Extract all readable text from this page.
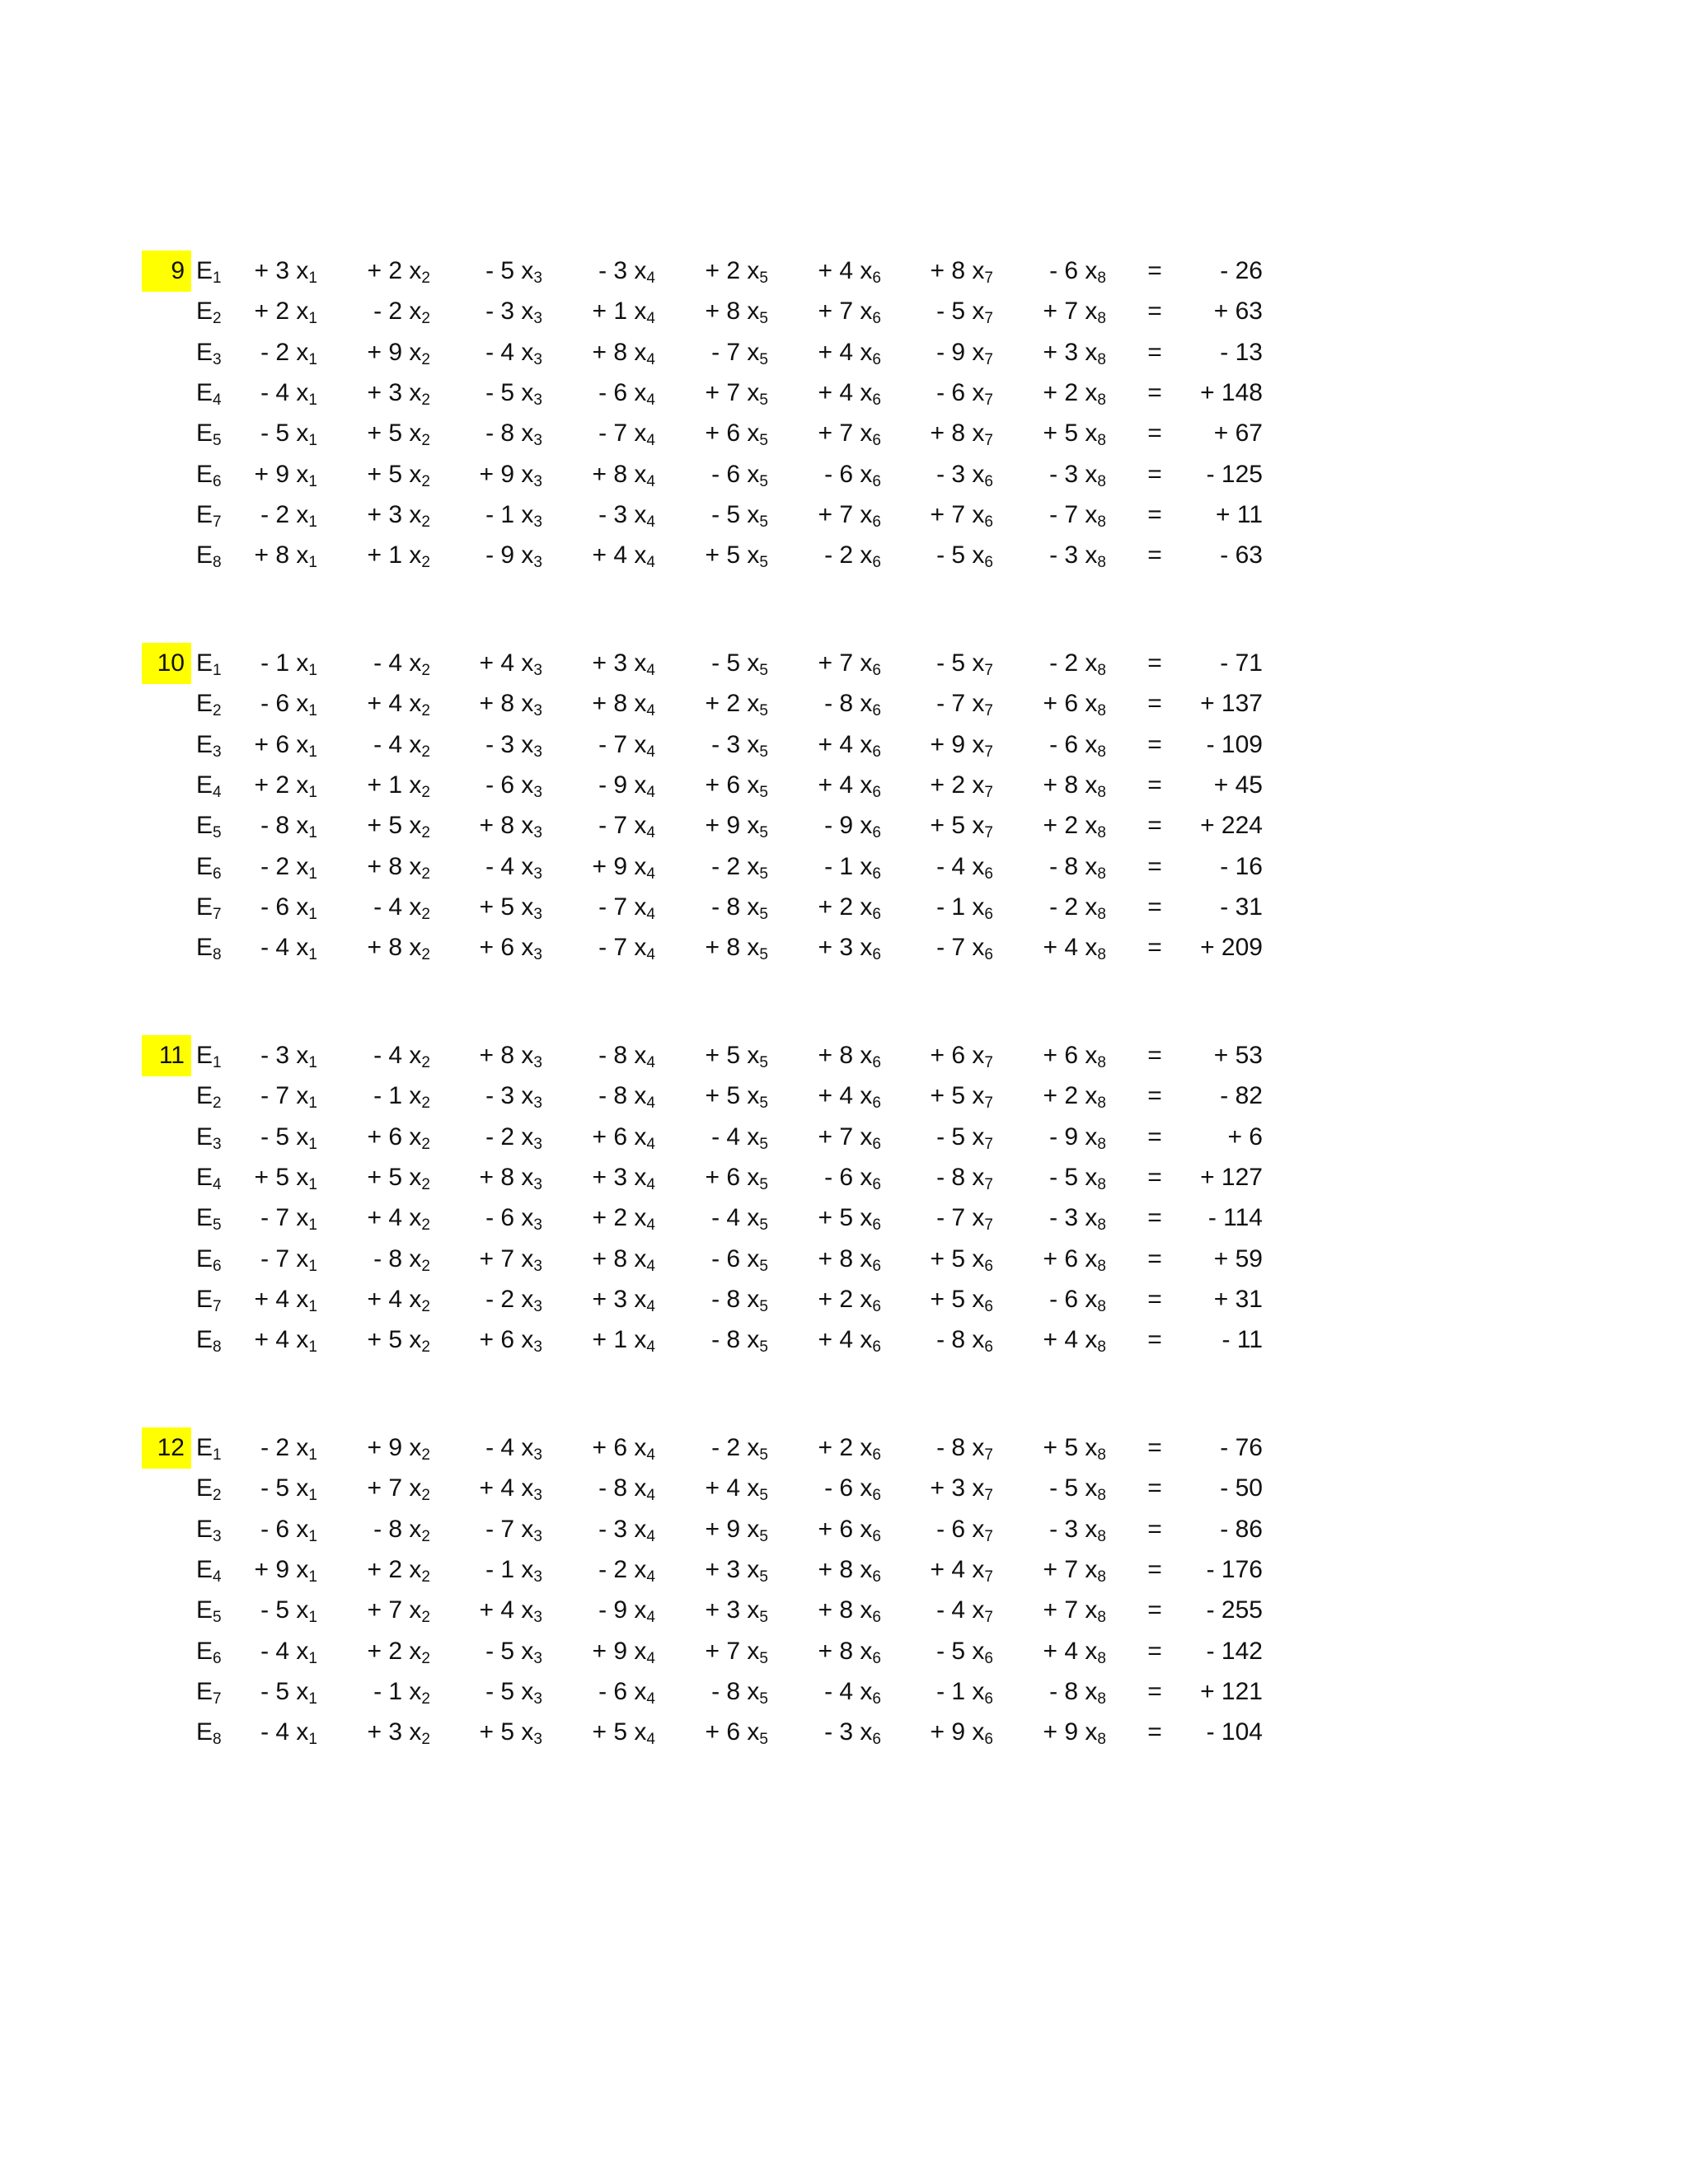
9 $E_1$	+ 3 $x_1$	+ 2 $x_2$	- 5 $x_3$	- 3 $x_4$	+ 2 $x_5$	+ 4 $x_6$	+ 8 $x_7$	- 6 $x_8$ =	- 26
$E_2$	+ 2 $x_1$	- 2 $x_2$	- 3 $x_3$	+ 1 $x_4$	+ 8 $x_5$	+ 7 $x_6$	- 5 $x_7$	+ 7 $x_8$ =	+ 63
$E_3$	- 2 $x_1$	+ 9 $x_2$	- 4 $x_3$	+ 8 $x_4$	- 7 $x_5$	+ 4 $x_6$	- 9 $x_7$	+ 3 $x_8$ =	- 13
$E_4$	- 4 $x_1$	+ 3 $x_2$	- 5 $x_3$	- 6 $x_4$	+ 7 $x_5$	+ 4 $x_6$	- 6 $x_7$	+ 2 $x_8$ =	+ 148
$E_5$	- 5 $x_1$	+ 5 $x_2$	- 8 $x_3$	- 7 $x_4$	+ 6 $x_5$	+ 7 $x_6$	+ 8 $x_7$	+ 5 $x_8$ =	+ 67
$E_6$	+ 9 $x_1$	+ 5 $x_2$	+ 9 $x_3$	+ 8 $x_4$	- 6 $x_5$	- 6 $x_6$	- 3 $x_6$	- 3 $x_8$ =	- 125
$E_7$	- 2 $x_1$	+ 3 $x_2$	- 1 $x_3$	- 3 $x_4$	- 5 $x_5$	+ 7 $x_6$	+ 7 $x_6$	- 7 $x_8$ =	+ 11
$E_8$	+ 8 $x_1$	+ 1 $x_2$	- 9 $x_3$	+ 4 $x_4$	+ 5 $x_5$	- 2 $x_6$	- 5 $x_6$	- 3 $x_8$ =	- 63
10 $E_1$	- 1 $x_1$	- 4 $x_2$	+ 4 $x_3$	+ 3 $x_4$	- 5 $x_5$	+ 7 $x_6$	- 5 $x_7$	- 2 $x_8$ =	- 71
$E_2$	- 6 $x_1$	+ 4 $x_2$	+ 8 $x_3$	+ 8 $x_4$	+ 2 $x_5$	- 8 $x_6$	- 7 $x_7$	+ 6 $x_8$ =	+ 137
$E_3$	+ 6 $x_1$	- 4 $x_2$	- 3 $x_3$	- 7 $x_4$	- 3 $x_5$	+ 4 $x_6$	+ 9 $x_7$	- 6 $x_8$ =	- 109
$E_4$	+ 2 $x_1$	+ 1 $x_2$	- 6 $x_3$	- 9 $x_4$	+ 6 $x_5$	+ 4 $x_6$	+ 2 $x_7$	+ 8 $x_8$ =	+ 45
$E_5$	- 8 $x_1$	+ 5 $x_2$	+ 8 $x_3$	- 7 $x_4$	+ 9 $x_5$	- 9 $x_6$	+ 5 $x_7$	+ 2 $x_8$ =	+ 224
$E_6$	- 2 $x_1$	+ 8 $x_2$	- 4 $x_3$	+ 9 $x_4$	- 2 $x_5$	- 1 $x_6$	- 4 $x_6$	- 8 $x_8$ =	- 16
$E_7$	- 6 $x_1$	- 4 $x_2$	+ 5 $x_3$	- 7 $x_4$	- 8 $x_5$	+ 2 $x_6$	- 1 $x_6$	- 2 $x_8$ =	- 31
$E_8$	- 4 $x_1$	+ 8 $x_2$	+ 6 $x_3$	- 7 $x_4$	+ 8 $x_5$	+ 3 $x_6$	- 7 $x_6$	+ 4 $x_8$ =	+ 209
11 $E_1$	- 3 $x_1$	- 4 $x_2$	+ 8 $x_3$	- 8 $x_4$	+ 5 $x_5$	+ 8 $x_6$	+ 6 $x_7$	+ 6 $x_8$ =	+ 53
$E_2$	- 7 $x_1$	- 1 $x_2$	- 3 $x_3$	- 8 $x_4$	+ 5 $x_5$	+ 4 $x_6$	+ 5 $x_7$	+ 2 $x_8$ =	- 82
$E_3$	- 5 $x_1$	+ 6 $x_2$	- 2 $x_3$	+ 6 $x_4$	- 4 $x_5$	+ 7 $x_6$	- 5 $x_7$	- 9 $x_8$ =	+ 6
$E_4$	+ 5 $x_1$	+ 5 $x_2$	+ 8 $x_3$	+ 3 $x_4$	+ 6 $x_5$	- 6 $x_6$	- 8 $x_7$	- 5 $x_8$ =	+ 127
$E_5$	- 7 $x_1$	+ 4 $x_2$	- 6 $x_3$	+ 2 $x_4$	- 4 $x_5$	+ 5 $x_6$	- 7 $x_7$	- 3 $x_8$ =	- 114
$E_6$	- 7 $x_1$	- 8 $x_2$	+ 7 $x_3$	+ 8 $x_4$	- 6 $x_5$	+ 8 $x_6$	+ 5 $x_6$	+ 6 $x_8$ =	+ 59
$E_7$	+ 4 $x_1$	+ 4 $x_2$	- 2 $x_3$	+ 3 $x_4$	- 8 $x_5$	+ 2 $x_6$	+ 5 $x_6$	- 6 $x_8$ =	+ 31
$E_8$	+ 4 $x_1$	+ 5 $x_2$	+ 6 $x_3$	+ 1 $x_4$	- 8 $x_5$	+ 4 $x_6$	- 8 $x_6$	+ 4 $x_8$ =	- 11
12 $E_1$	- 2 $x_1$	+ 9 $x_2$	- 4 $x_3$	+ 6 $x_4$	- 2 $x_5$	+ 2 $x_6$	- 8 $x_7$	+ 5 $x_8$ =	- 76
$E_2$	- 5 $x_1$	+ 7 $x_2$	+ 4 $x_3$	- 8 $x_4$	+ 4 $x_5$	- 6 $x_6$	+ 3 $x_7$	- 5 $x_8$ =	- 50
$E_3$	- 6 $x_1$	- 8 $x_2$	- 7 $x_3$	- 3 $x_4$	+ 9 $x_5$	+ 6 $x_6$	- 6 $x_7$	- 3 $x_8$ =	- 86
$E_4$	+ 9 $x_1$	+ 2 $x_2$	- 1 $x_3$	- 2 $x_4$	+ 3 $x_5$	+ 8 $x_6$	+ 4 $x_7$	+ 7 $x_8$ =	- 176
$E_5$	- 5 $x_1$	+ 7 $x_2$	+ 4 $x_3$	- 9 $x_4$	+ 3 $x_5$	+ 8 $x_6$	- 4 $x_7$	+ 7 $x_8$ =	- 255
$E_6$	- 4 $x_1$	+ 2 $x_2$	- 5 $x_3$	+ 9 $x_4$	+ 7 $x_5$	+ 8 $x_6$	- 5 $x_6$	+ 4 $x_8$ =	- 142
$E_7$	- 5 $x_1$	- 1 $x_2$	- 5 $x_3$	- 6 $x_4$	- 8 $x_5$	- 4 $x_6$	- 1 $x_6$	- 8 $x_8$ =	+ 121
$E_8$	- 4 $x_1$	+ 3 $x_2$	+ 5 $x_3$	+ 5 $x_4$	+ 6 $x_5$	- 3 $x_6$	+ 9 $x_6$	+ 9 $x_8$ =	- 104
